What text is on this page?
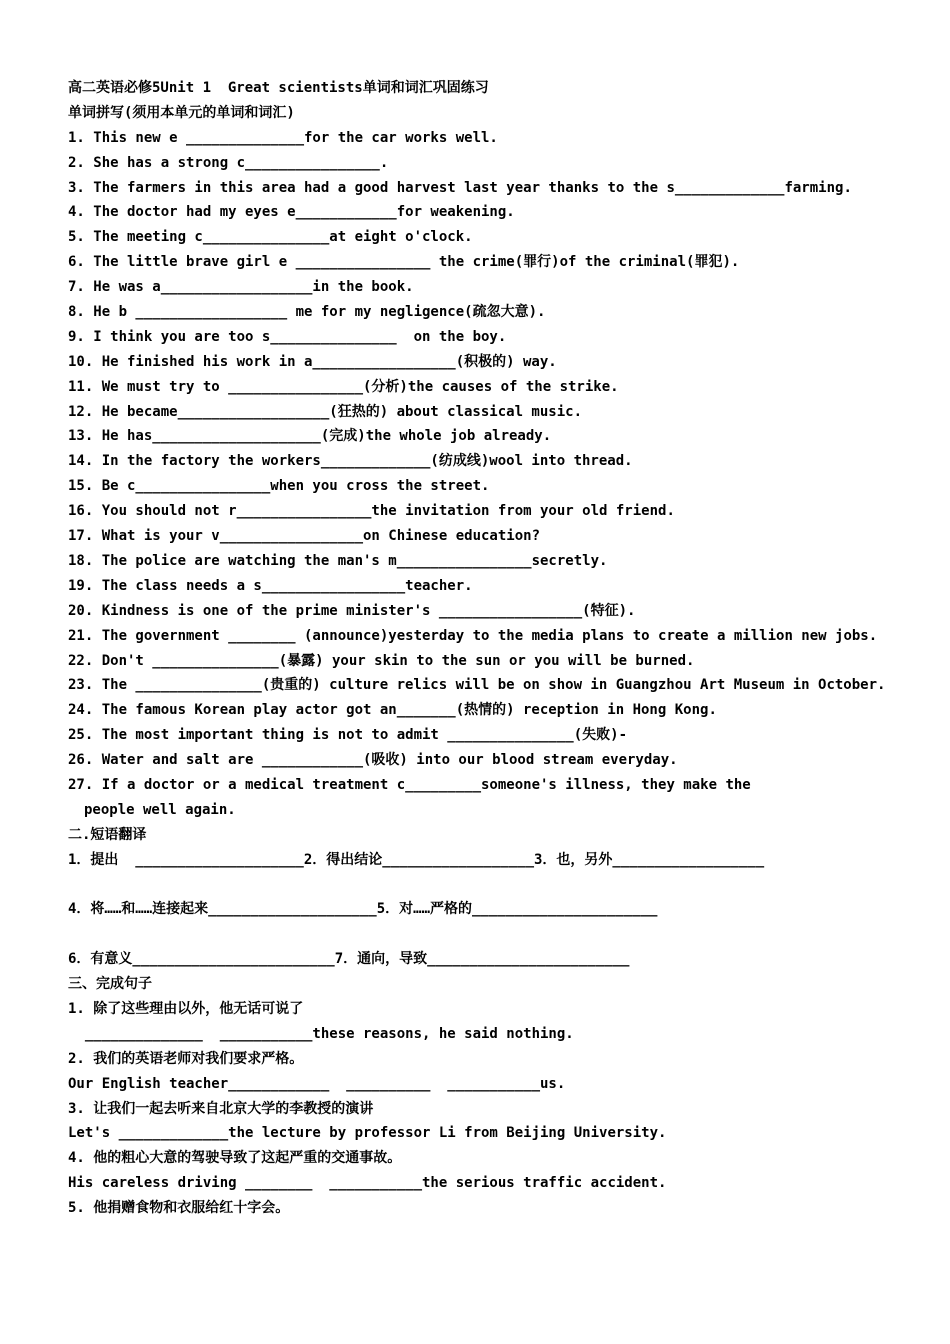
高二英语必修5Unit 1  Great scientists单词和词汇巩固练习
单词拼写(须用本单元的单词和词汇)
1. This new e ______________for the car works well.
2. She has a strong c________________.
3. The farmers in this area had a good harvest last year thanks to the s_____________farming.
4. The doctor had my eyes e____________for weakening.
5. The meeting c_______________at eight o'clock.
6. The little brave girl e ________________ the crime(罪行)of the criminal(罪犯).
7. He was a__________________in the book.
8. He b __________________ me for my negligence(疏忽大意).
9. I think you are too s_______________  on the boy.
10. He finished his work in a_________________(积极的) way.
11. We must try to ________________(分析)the causes of the strike.
12. He became__________________(狂热的) about classical music.
13. He has____________________(完成)the whole job already.
14. In the factory the workers_____________(纺成线)wool into thread.
15. Be c________________when you cross the street.
16. You should not r________________the invitation from your old friend.
17. What is your v_________________on Chinese education?
18. The police are watching the man's m________________secretly.
19. The class needs a s_________________teacher.
20. Kindness is one of the prime minister's _________________(特征).
21. The government ________ (announce)yesterday to the media plans to create a million new jobs.
22. Don't _______________(暴露) your skin to the sun or you will be burned.
23. The _______________(贵重的) culture relics will be on show in Guangzhou Art Museum in October.
24. The famous Korean play actor got an_______(热情的) reception in Hong Kong.
25. The most important thing is not to admit _______________(失败)-
26. Water and salt are ____________(吸收) into our blood stream everyday.
27. If a doctor or a medical treatment c_________someone's illness, they make the
people well again.
二.短语翻译
1．提出  ____________________2．得出结论__________________3．也，另外__________________
4．将……和……连接起来____________________5．对……严格的______________________
6．有意义________________________7．通向，导致________________________
三、完成句子
1. 除了这些理由以外，他无话可说了
______________  ___________these reasons, he said nothing.
2. 我们的英语老师对我们要求严格。
Our English teacher____________  __________  ___________us.
3. 让我们一起去听来自北京大学的李教授的演讲
Let's _____________the lecture by professor Li from Beijing University.
4. 他的粗心大意的驾驶导致了这起严重的交通事故。
His careless driving ________  ___________the serious traffic accident.
5. 他捐赠食物和衣服给红十字会。
